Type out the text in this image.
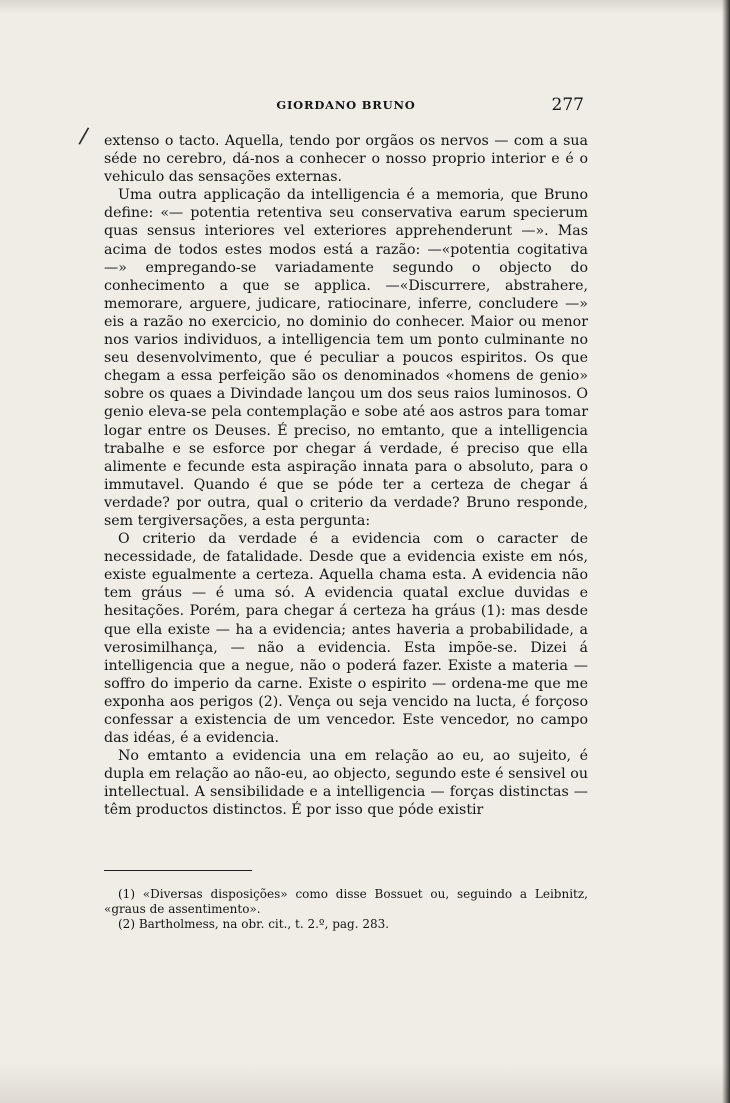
/
GIORDANO BRUNO	277

extenso o tacto. Aquella, tendo por orgãos os nervos — com a sua séde no cerebro, dá-nos a conhecer o nosso proprio interior e é o vehiculo das sensações externas.

Uma outra applicação da intelligencia é a memoria, que Bruno define: «— potentia retentiva seu conservativa earum specierum quas sensus interiores vel exteriores apprehenderunt —». Mas acima de todos estes modos está a razão: —«potentia cogitativa —» empregando-se variadamente segundo o objecto do conhecimento a que se applica. —«Discurrere, abstrahere, memorare, arguere, judicare, ratiocinare, inferre, concludere —» eis a razão no exercicio, no dominio do conhecer. Maior ou menor nos varios individuos, a intelligencia tem um ponto culminante no seu desenvolvimento, que é peculiar a poucos espiritos. Os que chegam a essa perfeição são os denominados «homens de genio» sobre os quaes a Divindade lançou um dos seus raios luminosos. O genio eleva-se pela contemplação e sobe até aos astros para tomar logar entre os Deuses. É preciso, no emtanto, que a intelligencia trabalhe e se esforce por chegar á verdade, é preciso que ella alimente e fecunde esta aspiração innata para o absoluto, para o immutavel. Quando é que se póde ter a certeza de chegar á verdade? por outra, qual o criterio da verdade? Bruno responde, sem tergiversações, a esta pergunta:

O criterio da verdade é a evidencia com o caracter de necessidade, de fatalidade. Desde que a evidencia existe em nós, existe egualmente a certeza. Aquella chama esta. A evidencia não tem gráus — é uma só. A evidencia quatal exclue duvidas e hesitações. Porém, para chegar á certeza ha gráus (1): mas desde que ella existe — ha a evidencia; antes haveria a probabilidade, a verosimilhança, — não a evidencia. Esta impõe-se. Dizei á intelligencia que a negue, não o poderá fazer. Existe a materia — soffro do imperio da carne. Existe o espirito — ordena-me que me exponha aos perigos (2). Vença ou seja vencido na lucta, é forçoso confessar a existencia de um vencedor. Este vencedor, no campo das idéas, é a evidencia.

No emtanto a evidencia una em relação ao eu, ao sujeito, é dupla em relação ao não-eu, ao objecto, segundo este é sensivel ou intellectual. A sensibilidade e a intelligencia — forças distinctas — têm productos distinctos. É por isso que póde existir

(1) «Diversas disposições» como disse Bossuet ou, seguindo a Leibnitz, «graus de assentimento».

(2) Bartholmess, na obr. cit., t. 2.º, pag. 283.
